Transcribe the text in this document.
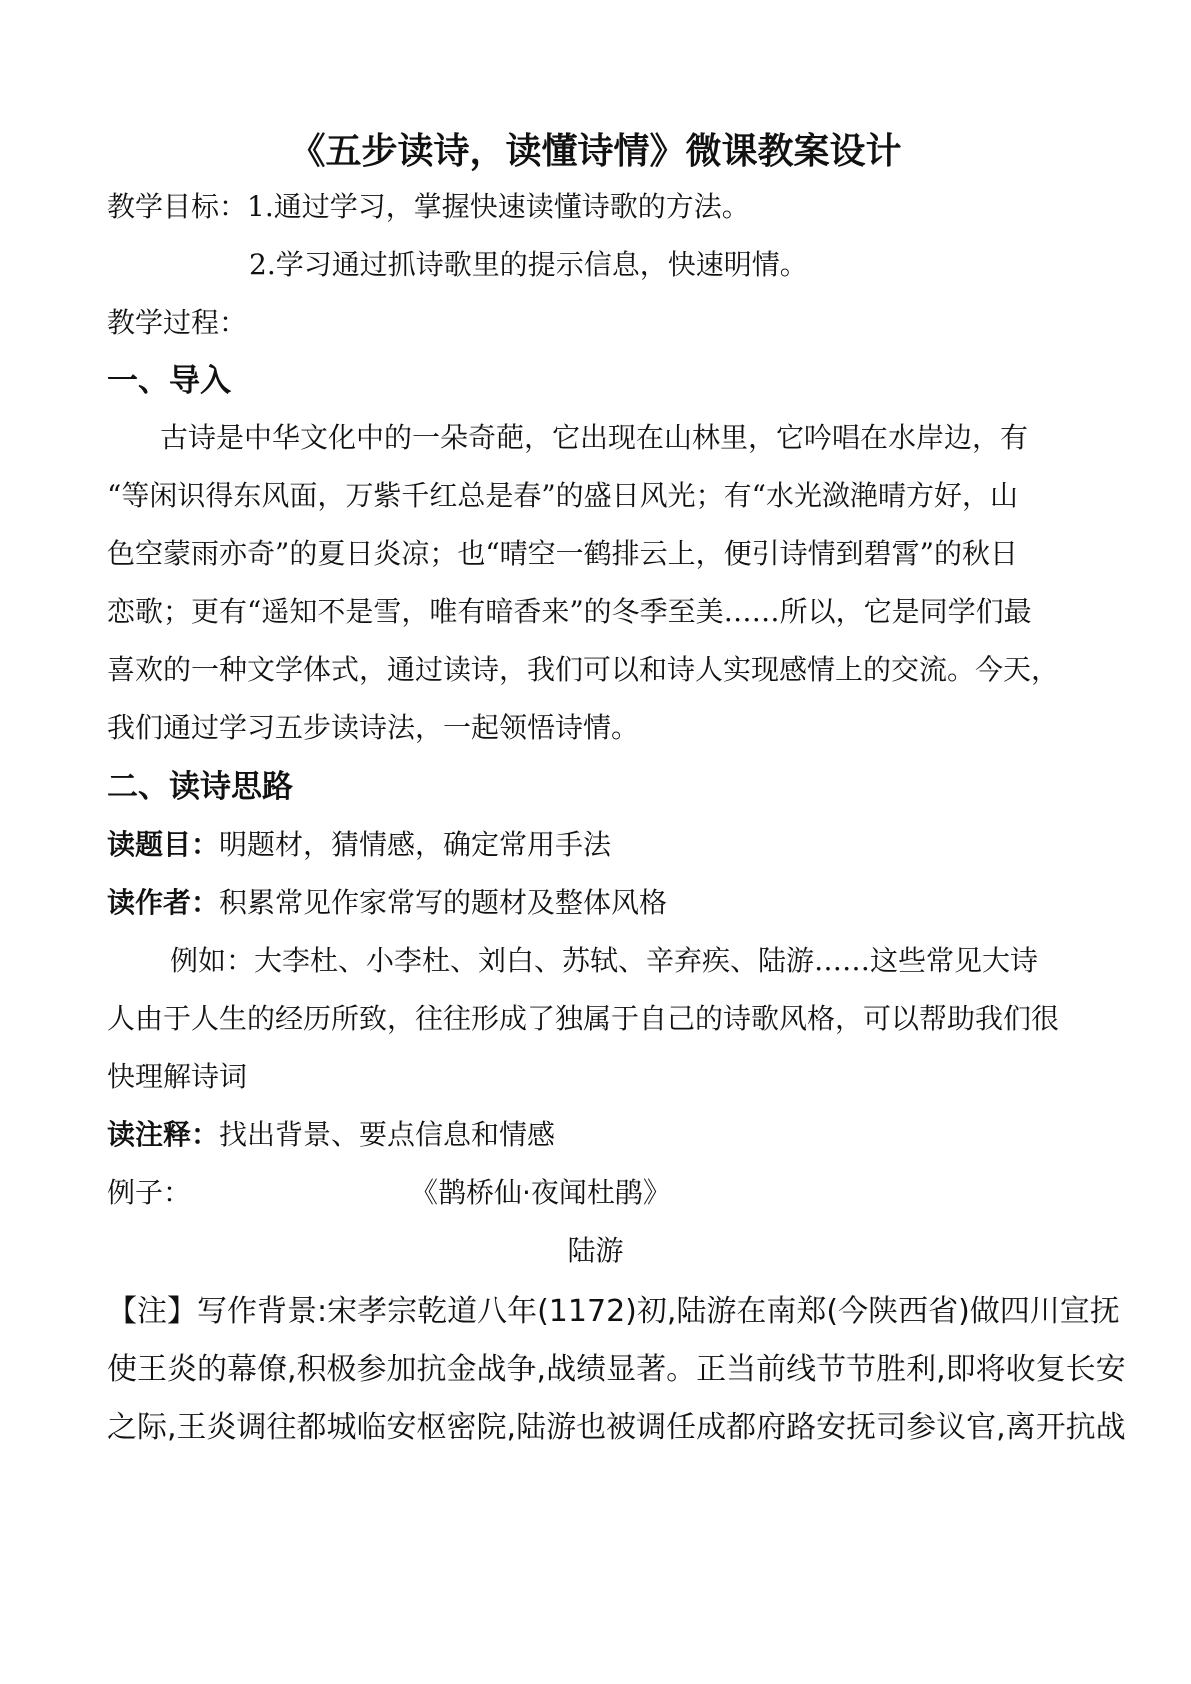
《五步读诗，读懂诗情》微课教案设计
教学目标：1.通过学习，掌握快速读懂诗歌的方法。
2.学习通过抓诗歌里的提示信息，快速明情。
教学过程：
一、导入
古诗是中华文化中的一朵奇葩，它出现在山林里，它吟唱在水岸边，有
“等闲识得东风面，万紫千红总是春”的盛日风光；有“水光潋滟晴方好，山
色空蒙雨亦奇”的夏日炎凉；也“晴空一鹤排云上，便引诗情到碧霄”的秋日
恋歌；更有“遥知不是雪，唯有暗香来”的冬季至美……所以，它是同学们最
喜欢的一种文学体式，通过读诗，我们可以和诗人实现感情上的交流。今天，
我们通过学习五步读诗法，一起领悟诗情。
二、读诗思路
读题目：明题材，猜情感，确定常用手法
读作者：积累常见作家常写的题材及整体风格
例如：大李杜、小李杜、刘白、苏轼、辛弃疾、陆游……这些常见大诗
人由于人生的经历所致，往往形成了独属于自己的诗歌风格，可以帮助我们很
快理解诗词
读注释：找出背景、要点信息和情感
例子：	《鹊桥仙·夜闻杜鹃》
陆游
【注】写作背景:宋孝宗乾道八年(1172)初,陆游在南郑(今陕西省)做四川宣抚
使王炎的幕僚,积极参加抗金战争,战绩显著。正当前线节节胜利,即将收复长安
之际,王炎调往都城临安枢密院,陆游也被调任成都府路安抚司参议官,离开抗战
